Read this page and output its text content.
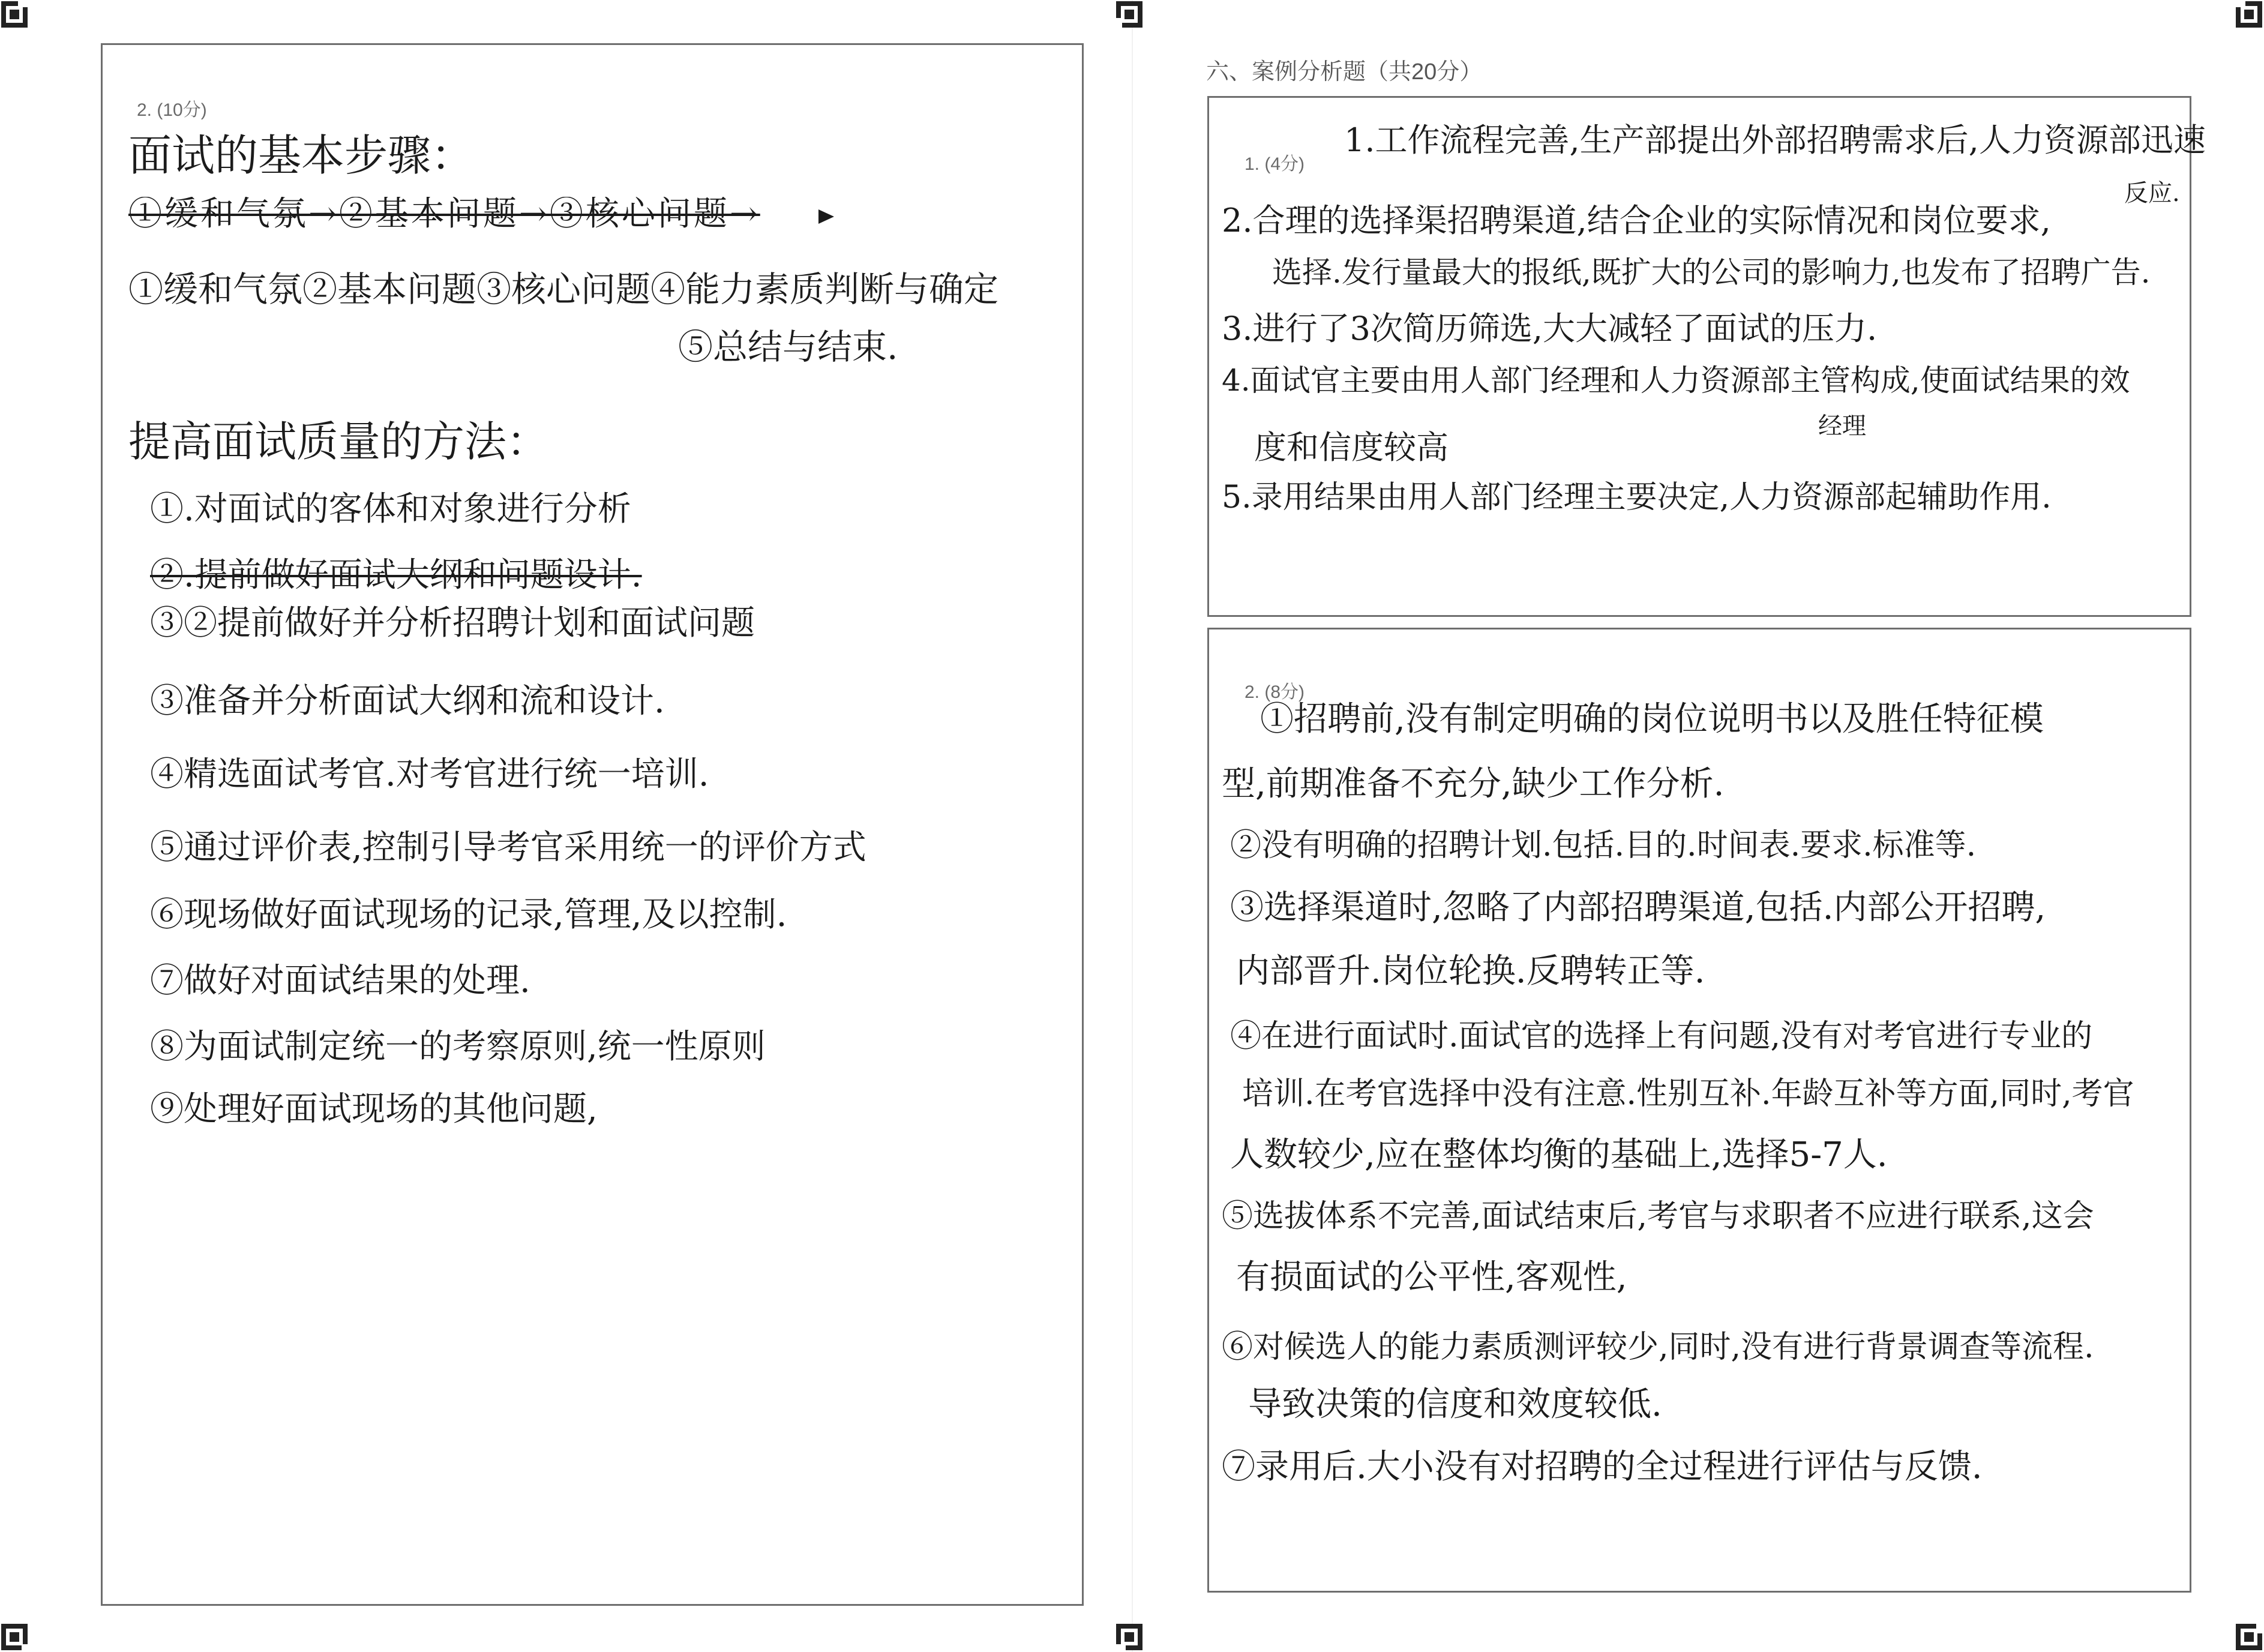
2. (10分)
面试的基本步骤：
①缓和气氛→②基本问题→③核心问题→
①缓和气氛②基本问题③核心问题④能力素质判断与确定
⑤总结与结束.
提高面试质量的方法：
①.对面试的客体和对象进行分析
②.提前做好面试大纲和问题设计.
③②提前做好并分析招聘计划和面试问题
③准备并分析面试大纲和流和设计.
④精选面试考官.对考官进行统一培训.
⑤通过评价表,控制引导考官采用统一的评价方式
⑥现场做好面试现场的记录,管理,及以控制.
⑦做好对面试结果的处理.
⑧为面试制定统一的考察原则,统一性原则
⑨处理好面试现场的其他问题,
六、案例分析题（共20分）
1. (4分)
1.工作流程完善,生产部提出外部招聘需求后,人力资源部迅速
反应.
2.合理的选择渠招聘渠道,结合企业的实际情况和岗位要求,
选择.发行量最大的报纸,既扩大的公司的影响力,也发布了招聘广告.
3.进行了3次简历筛选,大大减轻了面试的压力.
4.面试官主要由用人部门经理和人力资源部主管构成,使面试结果的效
经理
度和信度较高
5.录用结果由用人部门经理主要决定,人力资源部起辅助作用.
2. (8分)
①招聘前,没有制定明确的岗位说明书以及胜任特征模
型,前期准备不充分,缺少工作分析.
②没有明确的招聘计划.包括.目的.时间表.要求.标准等.
③选择渠道时,忽略了内部招聘渠道,包括.内部公开招聘,
内部晋升.岗位轮换.反聘转正等.
④在进行面试时.面试官的选择上有问题,没有对考官进行专业的
培训.在考官选择中没有注意.性别互补.年龄互补等方面,同时,考官
人数较少,应在整体均衡的基础上,选择5-7人.
⑤选拔体系不完善,面试结束后,考官与求职者不应进行联系,这会
有损面试的公平性,客观性,
⑥对候选人的能力素质测评较少,同时,没有进行背景调查等流程.
导致决策的信度和效度较低.
⑦录用后.大小没有对招聘的全过程进行评估与反馈.
